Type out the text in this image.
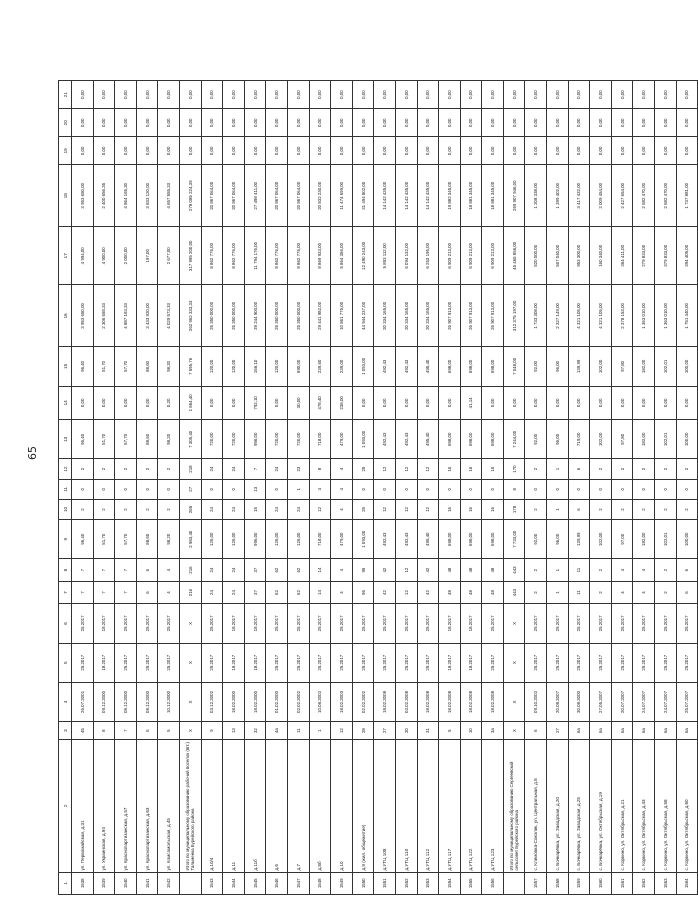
65
1	2	3	4	5	6	7	8	9	10	11	12	13	14	15	16	17	18	19	20	21
1538	ул. Первомайская, д.31	45	26.07.2001	25.2017	25.2017	7	7	96,40	2	0	2	96,40	0,00	96,40	3 953 650,00	4 994,00	3 953 650,00	0,00	0,00	0,00
1539	ул. Украинская, д.94	8	09.12.2000	18.2017	18.2017	7	7	51,70	2	0	2	51,70	0,00	51,70	2 306 655,33	4 900,00	2 400 656,35	0,00	0,00	0,00
1540	ул. Краснопартизанская, д.57	7	08.12.2000	25.2017	25.2017	7	7	57,70	2	0	2	57,70	0,00	57,70	4 887 163,33	2 000,00	4 864 165,30	0,00	0,00	0,00
1541	ул. Краснопартизанская, д.63	6	08.12.2000	25.2017	25.2017	6	6	88,60	2	0	2	88,60	0,00	88,60	3 433 920,00	197,00	3 833 120,00	0,00	0,00	0,00
1542	ул. Комсомольская, д.45	5	10.12.2000	25.2017	25.2017	4	4	98,20	2	0	2	98,20	0,20	98,20	4 029 573,33	2 677,00	4 657 555,33	0,00	0,00	0,00
	Итого по муниципальному образованию рабочий поселок (пгт.) Тальменка Бурейского района	X	X	X	X	216	216	2 983,40	265	27	218	7 305,40	1 864,40	7 595,76	262 962 333,33	317 995 200,00	278 085 224,39	0,00	0,00	0,00
1543	д.10/4	9	03.12.2002	25.2017	25.2017	24	24	126,00	24	0	24	720,00	0,00	120,00	25 350 000,00	8 862 776,00	20 867 064,00	0,00	0,00	0,00
1544	д.11	13	18.02.2000	18.2017	18.2017	24	24	126,00	24	0	24	720,00	0,00	120,00	25 350 000,00	8 862 776,00	20 867 064,00	0,00	0,00	0,00
1545	д.11б	32	18.02.2000	18.2017	18.2017	37	37	996,00	15	13	7	996,00	792,10	166,10	39 244 900,00	11 794 176,00	27 498 411,00	0,00	0,00	0,00
1546	д.6	4а	01.02.2000	25.2017	25.2017	62	62	126,00	24	0	24	720,00	0,00	120,00	25 350 000,00	8 862 776,00	20 867 064,00	0,00	0,00	0,00
1547	д.7	11	02.02.2002	25.2017	25.2017	62	62	126,00	24	1	23	720,00	30,00	690,00	25 350 000,00	8 862 776,00	20 867 064,00	0,00	0,00	0,00
1548	д.8б	1	10.08.2002	25.2017	25.2017	14	14	718,00	12	4	8	718,00	478,40	239,60	29 441 982,00	8 869 933,00	20 832 230,00	0,00	0,00	0,00
1549	д.10	12	18.02.2003	25.2017	25.2017	4	4	479,00	4	4	4	479,00	238,00	239,00	10 861 775,00	5 864 356,00	11 474 699,00	0,00	0,00	0,00
1550	д.9 (жил. общежитие)	28	02.02.2002	25.2017	25.2017	95	95	1 093,00	25	0	25	1 093,00	0,00	1 093,00	44 944 237,00	12 490 243,00	31 494 802,00	0,00	0,00	0,00
1551	д.УТЦ 108	27	18.02.2008	25.2017	25.2017	42	42	492,43	12	0	12	492,43	0,00	492,43	20 334 165,00	5 893 112,00	14 142 435,00	0,00	0,00	0,00
1552	д.УТЦ 110	20	03.02.2008	25.2017	25.2017	12	12	492,43	12	0	12	492,43	0,00	492,43	20 334 165,00	6 094 132,00	14 142 435,00	0,00	0,00	0,00
1553	д.УТЦ 112	31	18.02.2008	25.2017	25.2017	42	42	495,40	12	0	12	495,40	0,00	495,40	20 334 165,00	6 253 195,00	14 142 435,00	0,00	0,00	0,00
1554	д.УТЦ 117	5	18.02.2008	18.2017	18.2017	48	48	698,00	16	0	16	698,00	0,00	698,00	26 907 913,00	6 909 213,00	19 882 345,00	0,00	0,00	0,00
1555	д.УТЦ 122	10	18.02.2008	18.2017	18.2017	48	48	698,00	16	0	16	698,00	41,14	698,00	26 907 913,00	6 909 213,00	18 881 345,00	0,00	0,00	0,00
1556	д.УТЦ 123	3а	18.02.2008	25.2017	25.2017	48	48	698,00	16	0	16	698,00	0,00	698,00	26 907 913,00	6 909 213,00	18 881 345,00	0,00	0,00	0,00
	Итого по муниципальному образованию Сергеевский сельсовет Бурейского района	X	X	X	X	443	443	7 733,00	178	8	170	7 244,00	0,00	7 048,00	312 375 197,00	45 465 856,00	269 907 946,00	0,00	0,00	0,00
1557	с. Климовка-Соколик, ул. Центральная, д.8	6	09.10.2002	25.2017	25.2017	2	2	92,00	2	0	2	92,00	0,00	92,00	1 733 308,00	520 000,00	1 208 338,00	0,00	0,00	0,00
1558	с. Бочкарёвка, ул. Заводская, д.20	27	20.08.2007	25.2017	25.2017	1	1	96,00	1	0	1	96,00	0,00	96,00	2 327 149,00	567 040,00	1 399 402,00	0,00	0,00	0,00
1559	с. Бочкарёвка, ул. Заводская, д.25	6а	30.08.2000	25.2017	25.2017	11	11	139,99	6	0	6	719,00	0,00	139,99	4 321 105,00	953 300,00	3 417 432,00	0,00	0,00	0,00
1560	с. Бочкарёвка, ул. Октябрьская, д.19	6а	27.05.2007	25.2017	25.2017	2	2	102,00	2	0	2	102,00	0,00	102,00	4 321 105,00	160 340,00	2 009 454,00	0,00	0,00	0,00
1561	с. Коркино, ул. Октябрьская, д.21	6а	20.07.2007	25.2017	25.2017	4	4	97,00	2	0	2	97,80	0,00	97,80	2 378 153,00	364 411,00	2 427 654,00	0,00	0,00	0,00
1562	с. Коркино, ул. Октябрьская, д.43	6а	24.07.2007	25.2017	25.2017	4	4	182,00	2	0	2	182,00	0,00	182,00	1 363 010,00	279 833,00	2 682 470,00	0,00	0,00	0,00
1563	с. Коркино, ул. Октябрьская, д.58	6а	24.07.2007	25.2017	25.2017	2	2	102,01	2	0	2	102,01	0,00	102,01	1 363 010,00	379 833,00	2 682 470,00	0,00	0,00	0,00
1564	с. Коркино, ул. Октябрьская, д.60	6а	25.07.2007	25.2017	25.2017	6	6	100,00	2	0	2	100,00	0,00	100,00	1 751 440,00	394 405,00	1 737 881,00	0,00	0,00	0,00
